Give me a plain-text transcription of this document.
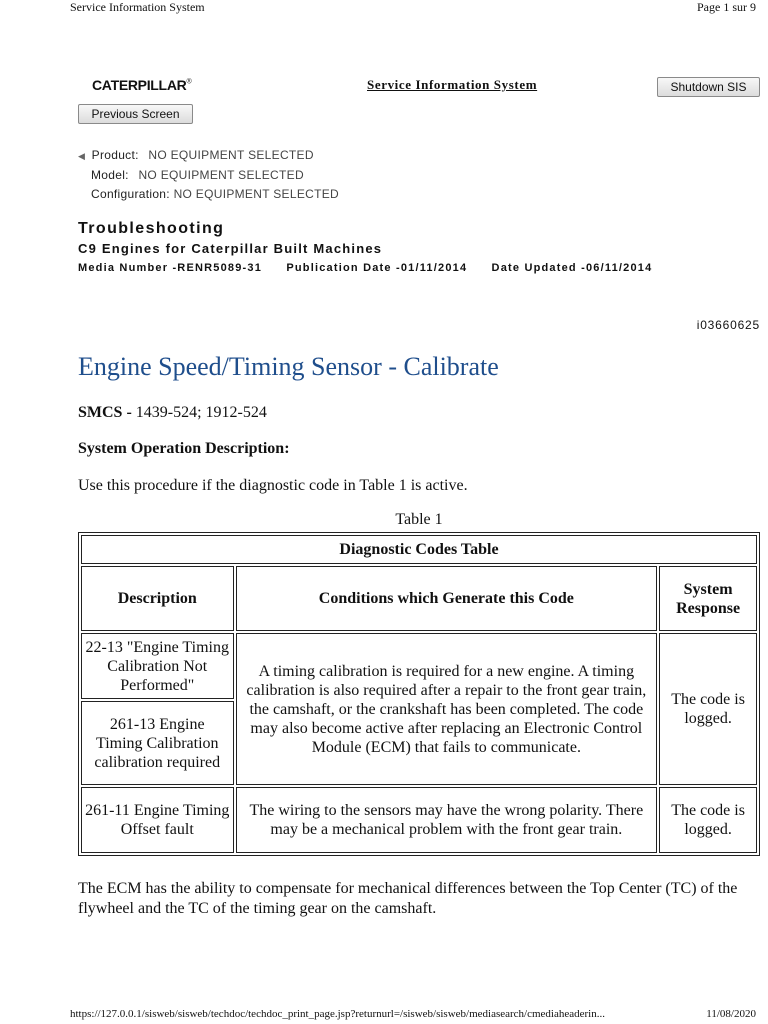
Service Information System	Page 1 sur 9
CATERPILLAR®	Service Information System	Shutdown SIS
Previous Screen
◀ Product: NO EQUIPMENT SELECTED
Model: NO EQUIPMENT SELECTED
Configuration: NO EQUIPMENT SELECTED
Troubleshooting
C9 Engines for Caterpillar Built Machines
Media Number -RENR5089-31 Publication Date -01/11/2014 Date Updated -06/11/2014
i03660625
Engine Speed/Timing Sensor - Calibrate
SMCS - 1439-524; 1912-524
System Operation Description:
Use this procedure if the diagnostic code in Table 1 is active.
Table 1
Diagnostic Codes Table		
Description	Conditions which Generate this Code	System Response
22-13 "Engine Timing Calibration Not Performed"	A timing calibration is required for a new engine. A timing calibration is also required after a repair to the front gear train, the camshaft, or the crankshaft has been completed. The code may also become active after replacing an Electronic Control Module (ECM) that fails to communicate.	The code is logged.
261-13 Engine Timing Calibration calibration required		
261-11 Engine Timing Offset fault	The wiring to the sensors may have the wrong polarity. There may be a mechanical problem with the front gear train.	The code is logged.
The ECM has the ability to compensate for mechanical differences between the Top Center (TC) of the flywheel and the TC of the timing gear on the camshaft.
https://127.0.0.1/sisweb/sisweb/techdoc/techdoc_print_page.jsp?returnurl=/sisweb/sisweb/mediasearch/cmediaheaderin...	11/08/2020
